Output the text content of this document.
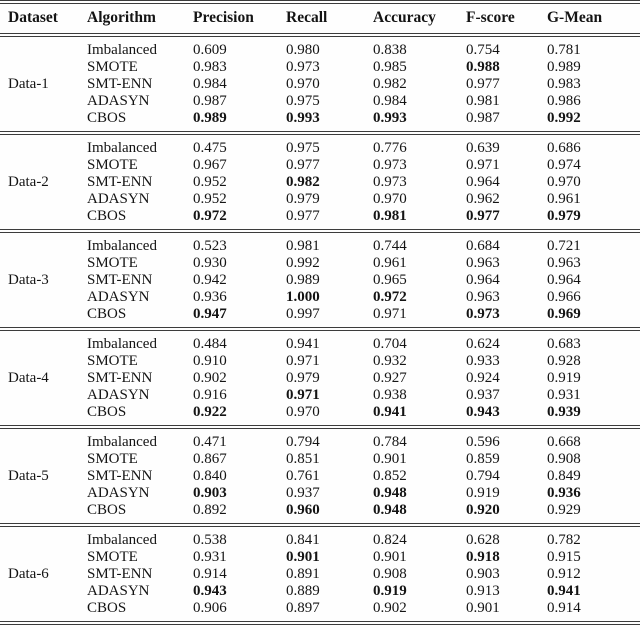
Dataset	Algorithm	Precision	Recall	Accuracy	F-score	G-Mean
Data-1	Imbalanced	0.609	0.980	0.838	0.754	0.781
	SMOTE	0.983	0.973	0.985	0.988	0.989
	SMT-ENN	0.984	0.970	0.982	0.977	0.983
	ADASYN	0.987	0.975	0.984	0.981	0.986
	CBOS	0.989	0.993	0.993	0.987	0.992
Data-2	Imbalanced	0.475	0.975	0.776	0.639	0.686
	SMOTE	0.967	0.977	0.973	0.971	0.974
	SMT-ENN	0.952	0.982	0.973	0.964	0.970
	ADASYN	0.952	0.979	0.970	0.962	0.961
	CBOS	0.972	0.977	0.981	0.977	0.979
Data-3	Imbalanced	0.523	0.981	0.744	0.684	0.721
	SMOTE	0.930	0.992	0.961	0.963	0.963
	SMT-ENN	0.942	0.989	0.965	0.964	0.964
	ADASYN	0.936	1.000	0.972	0.963	0.966
	CBOS	0.947	0.997	0.971	0.973	0.969
Data-4	Imbalanced	0.484	0.941	0.704	0.624	0.683
	SMOTE	0.910	0.971	0.932	0.933	0.928
	SMT-ENN	0.902	0.979	0.927	0.924	0.919
	ADASYN	0.916	0.971	0.938	0.937	0.931
	CBOS	0.922	0.970	0.941	0.943	0.939
Data-5	Imbalanced	0.471	0.794	0.784	0.596	0.668
	SMOTE	0.867	0.851	0.901	0.859	0.908
	SMT-ENN	0.840	0.761	0.852	0.794	0.849
	ADASYN	0.903	0.937	0.948	0.919	0.936
	CBOS	0.892	0.960	0.948	0.920	0.929
Data-6	Imbalanced	0.538	0.841	0.824	0.628	0.782
	SMOTE	0.931	0.901	0.901	0.918	0.915
	SMT-ENN	0.914	0.891	0.908	0.903	0.912
	ADASYN	0.943	0.889	0.919	0.913	0.941
	CBOS	0.906	0.897	0.902	0.901	0.914
